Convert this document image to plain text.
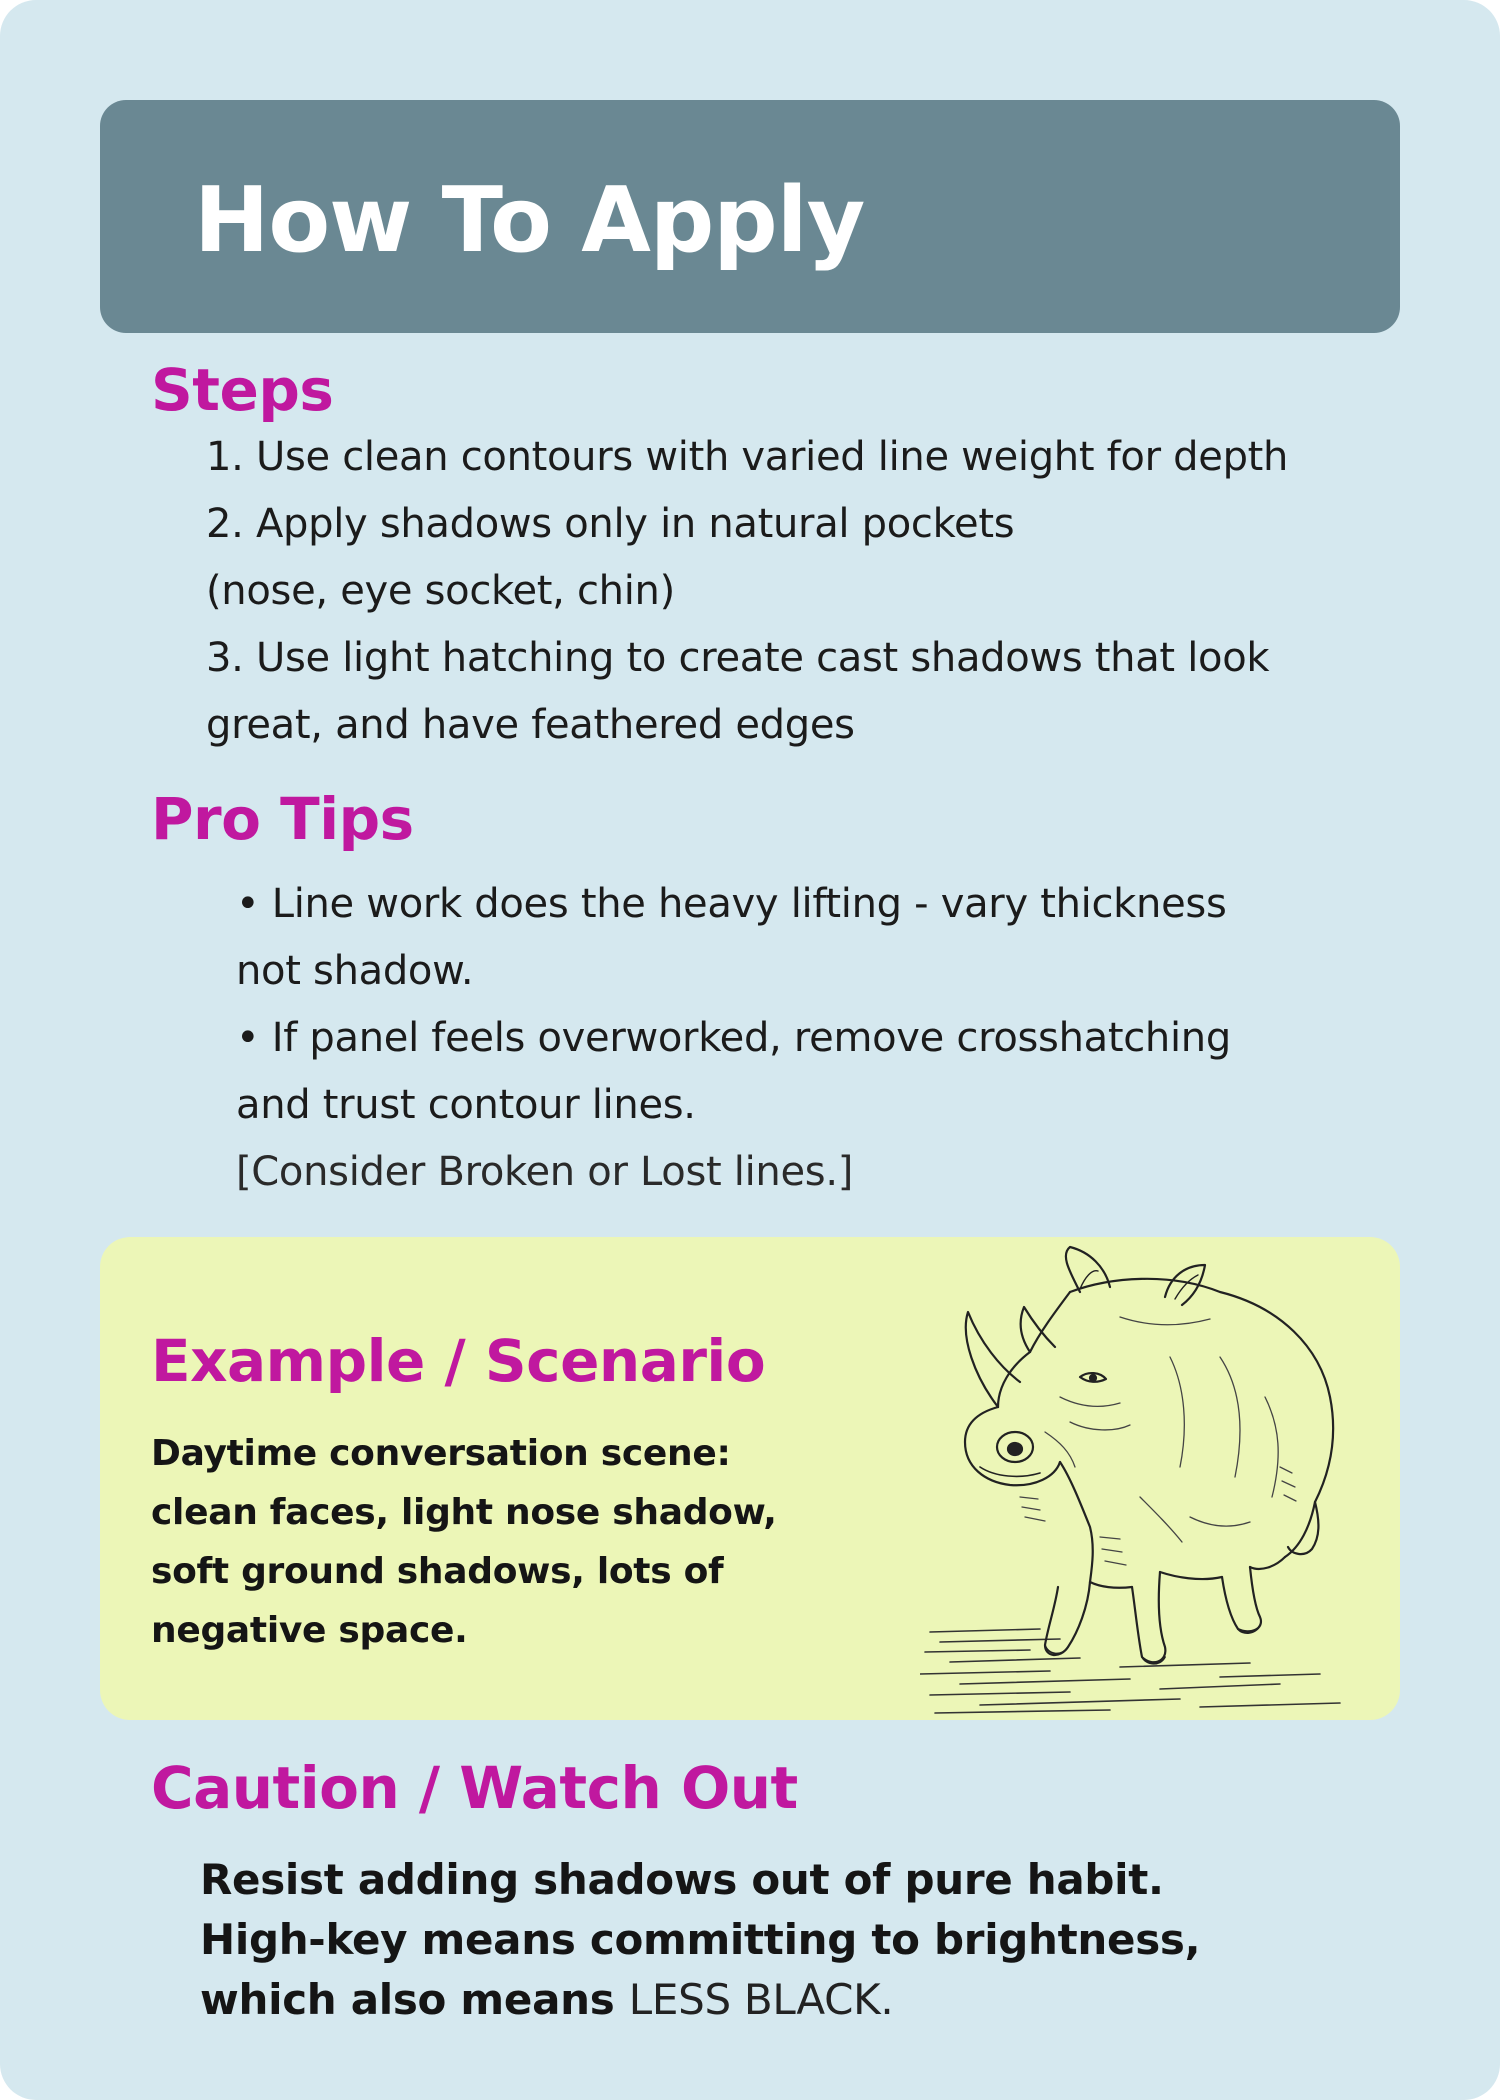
How To Apply
Steps
1. Use clean contours with varied line weight for depth
2. Apply shadows only in natural pockets
(nose, eye socket, chin)
3. Use light hatching to create cast shadows that look
great, and have feathered edges
Pro Tips
• Line work does the heavy lifting - vary thickness
not shadow.
• If panel feels overworked, remove crosshatching
and trust contour lines.
[Consider Broken or Lost lines.]
Example / Scenario
Daytime conversation scene:
clean faces, light nose shadow,
soft ground shadows, lots of
negative space.
Caution / Watch Out
Resist adding shadows out of pure habit.
High-key means committing to brightness,
which also means LESS BLACK.
